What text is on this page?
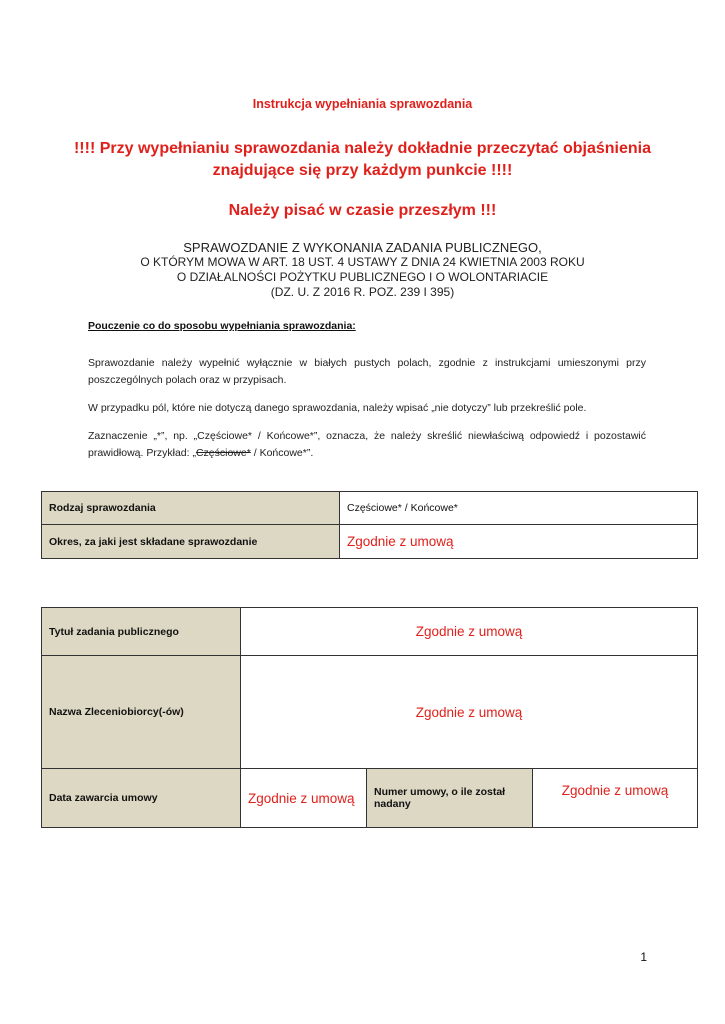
Instrukcja wypełniania sprawozdania
!!!! Przy wypełnianiu sprawozdania należy dokładnie przeczytać objaśnienia
znajdujące się przy każdym punkcie !!!!
Należy pisać w czasie przeszłym !!!
SPRAWOZDANIE Z WYKONANIA ZADANIA PUBLICZNEGO,
O KTÓRYM MOWA W ART. 18 UST. 4 USTAWY Z DNIA 24 KWIETNIA 2003 ROKU
O DZIAŁALNOŚCI POŻYTKU PUBLICZNEGO I O WOLONTARIACIE
(DZ. U. Z 2016 R. POZ. 239 I 395)
Pouczenie co do sposobu wypełniania sprawozdania:
Sprawozdanie należy wypełnić wyłącznie w białych pustych polach, zgodnie z instrukcjami umieszonymi przy poszczególnych polach oraz w przypisach.
W przypadku pól, które nie dotyczą danego sprawozdania, należy wpisać „nie dotyczy” lub przekreślić pole.
Zaznaczenie „*”, np. „Częściowe* / Końcowe*”, oznacza, że należy skreślić niewłaściwą odpowiedź i pozostawić prawidłową. Przykład: „Częściowe* / Końcowe*”.
Rodzaj sprawozdania	Częściowe* / Końcowe*
Okres, za jaki jest składane sprawozdanie	Zgodnie z umową
Tytuł zadania publicznego	Zgodnie z umową		
Nazwa Zleceniobiorcy(-ów)	Zgodnie z umową		
Data zawarcia umowy	Zgodnie z umową	Numer umowy, o ile został nadany	Zgodnie z umową
1
